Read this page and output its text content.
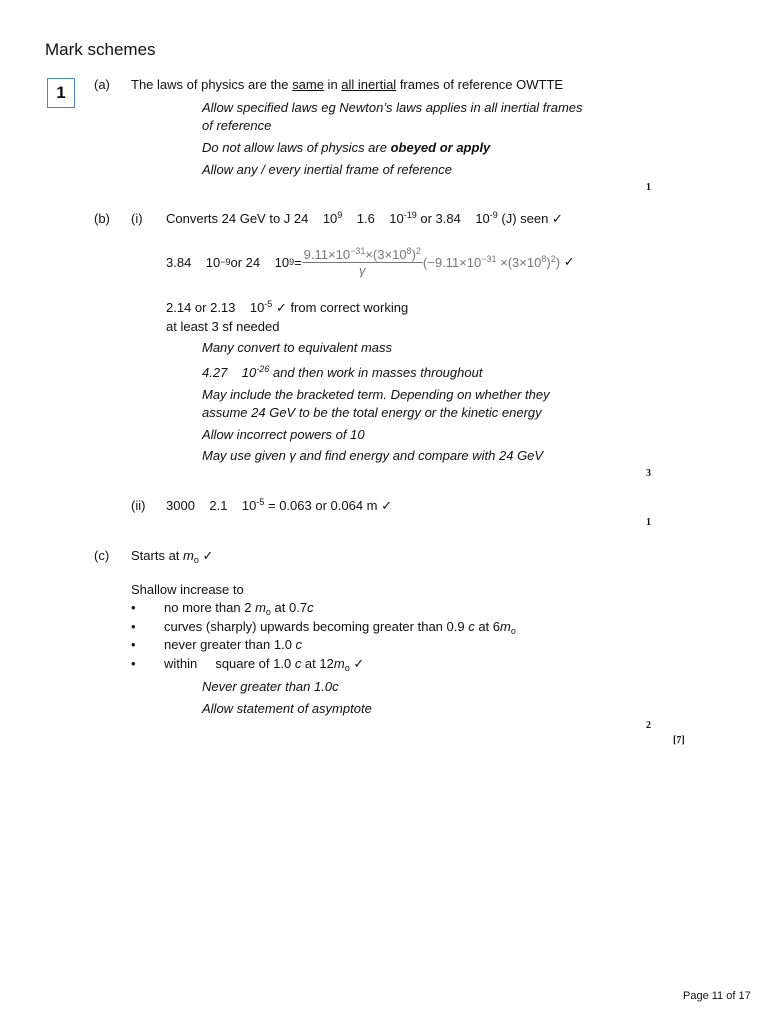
Mark schemes
1	(a) The laws of physics are the same in all inertial frames of reference OWTTE
Allow specified laws eg Newton’s laws applies in all inertial frames
of reference
Do not allow laws of physics are obeyed or apply
Allow any / every inertial frame of reference
1
(b) (i) Converts 24 GeV to J 24 $10^9$ 1.6 $10^{-19}$ or 3.84 $10^{-9}$ (J) seen ✓
3.84
10 −9 or 24
10 $9 = \frac{9.11\times 10^{-31}\times(3\times 10^8)^2}{\gamma} (-9.11\times 10^{-31} \times(3\times 10^8)^2)$
✓
2.14 or 2.13 $10^{-5}$ ✓ from correct working
at least 3 sf needed
Many convert to equivalent mass
4.27 $10^{-26}$ and then work in masses throughout
May include the bracketed term. Depending on whether they
assume 24 GeV to be the total energy or the kinetic energy
Allow incorrect powers of 10
May use given γ and find energy and compare with 24 GeV
3
(ii) 3000 2.1 $10^{-5} = 0.063$ or 0.064 m ✓
1
(c) Starts at $m_o$ ✓
Shallow increase to
• no more than 2 $m_o$ at 0.7c
• curves (sharply) upwards becoming greater than 0.9 c at $6m_o$
• never greater than 1.0 c
• within square of 1.0 c at $12m_o$ ✓
Never greater than 1.0c
Allow statement of asymptote
2
[7]
Page 11 of 17
